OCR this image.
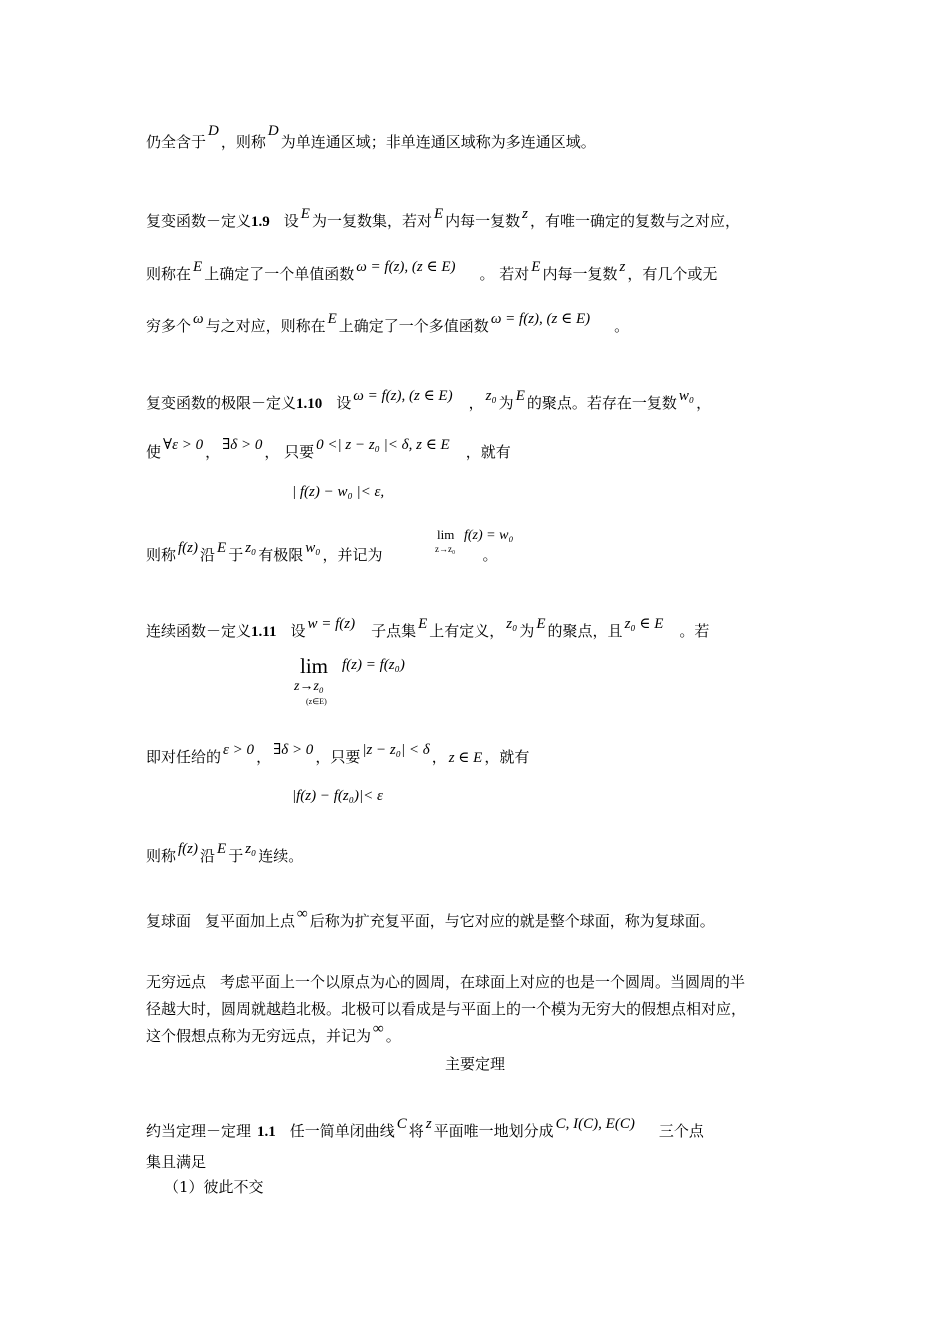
仍全含于D，则称D为单连通区域；非单连通区域称为多连通区域。
复变函数－定义1.9 设 E 为一复数集，若对 E 内每一复数 z ，有唯一确定的复数与之对应，
则称在 E 上确定了一个单值函数 ω = f(z), (z ∈ E) 。 若对 E 内每一复数 z ，有几个或无
穷多个 ω 与之对应，则称在 E 上确定了一个多值函数 ω = f(z), (z ∈ E) 。
复变函数的极限－定义1.10 设 ω = f(z), (z ∈ E) ， z₀ 为 E 的聚点。若存在一复数 w₀ ，
使 ∀ε > 0 ， ∃δ > 0 ， 只要 0 <| z − z₀ |< δ, z ∈ E ，就有
| f(z) − w₀ |< ε,
则称 f(z) 沿 E 于 z₀ 有极限 w₀ ，并记为	。
lim
z→z₀
f(z) = w₀
连续函数－定义1.11 设 w = f(z) 子点集 E 上有定义， z₀ 为 E 的聚点，且 z₀ ∈ E 。若
lim
z→z₀
(z∈E)
f(z) = f(z₀)
即对任给的 ε > 0 ， ∃δ > 0 ，只要 |z − z₀| < δ ， z ∈ E ，就有
|f(z) − f(z₀)|< ε
则称 f(z) 沿 E 于 z₀ 连续。
复球面 复平面加上点 ∞ 后称为扩充复平面，与它对应的就是整个球面，称为复球面。
无穷远点 考虑平面上一个以原点为心的圆周，在球面上对应的也是一个圆周。当圆周的半
径越大时，圆周就越趋北极。北极可以看成是与平面上的一个模为无穷大的假想点相对应，
这个假想点称为无穷远点，并记为 ∞ 。
主要定理
约当定理－定理 1.1 任一简单闭曲线 C 将 z 平面唯一地划分成 C, I(C), E(C) 三个点
集且满足
（1）彼此不交
